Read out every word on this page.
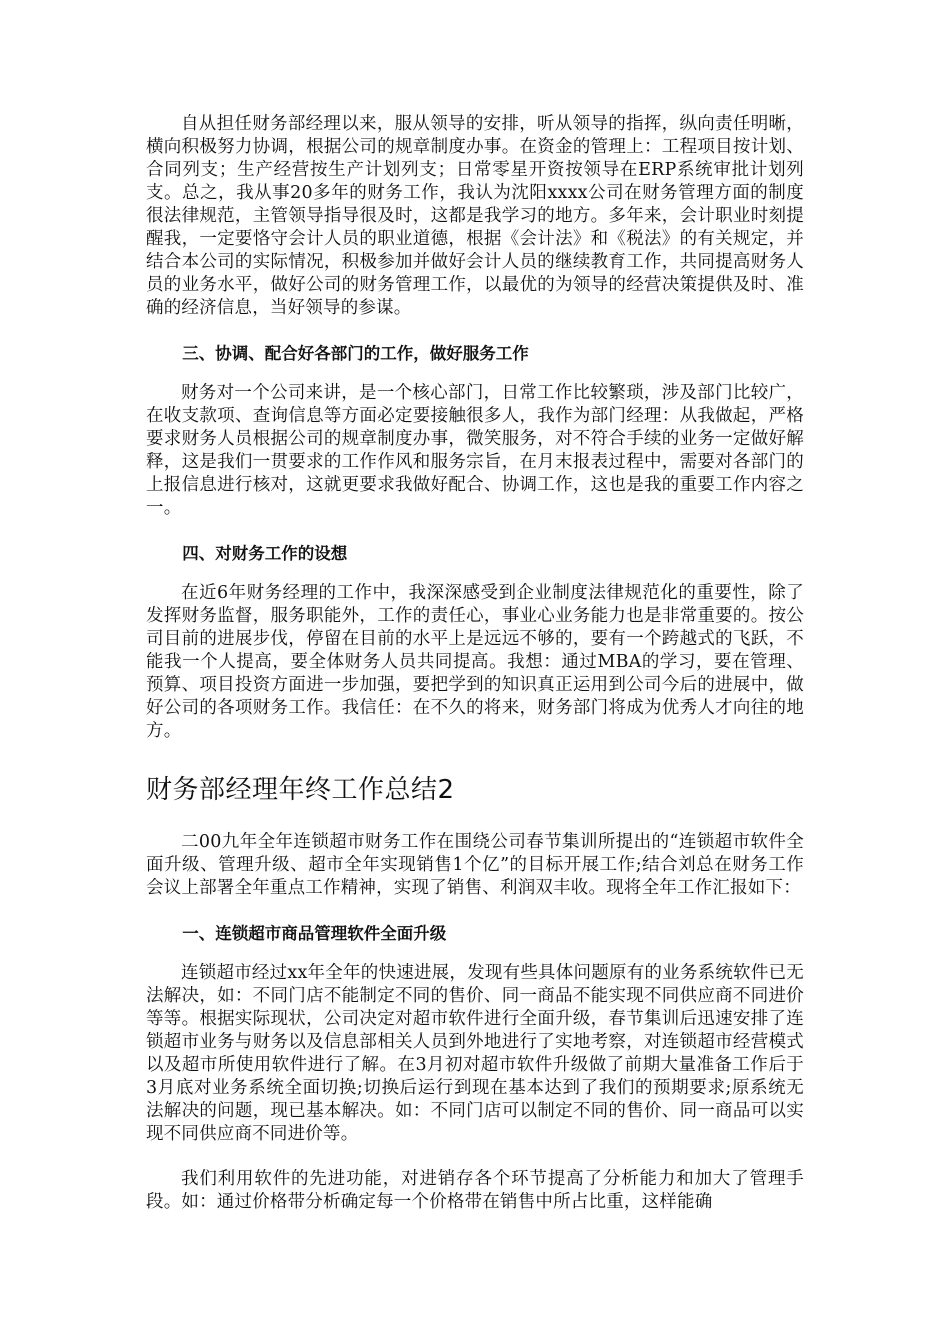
自从担任财务部经理以来，服从领导的安排，听从领导的指挥，纵向责任明晰，横向积极努力协调，根据公司的规章制度办事。在资金的管理上：工程项目按计划、合同列支；生产经营按生产计划列支；日常零星开资按领导在ERP系统审批计划列支。总之，我从事20多年的财务工作，我认为沈阳xxxx公司在财务管理方面的制度很法律规范，主管领导指导很及时，这都是我学习的地方。多年来，会计职业时刻提醒我，一定要恪守会计人员的职业道德，根据《会计法》和《税法》的有关规定，并结合本公司的实际情况，积极参加并做好会计人员的继续教育工作，共同提高财务人员的业务水平，做好公司的财务管理工作，以最优的为领导的经营决策提供及时、准确的经济信息，当好领导的参谋。

三、协调、配合好各部门的工作，做好服务工作

财务对一个公司来讲，是一个核心部门，日常工作比较繁琐，涉及部门比较广，在收支款项、查询信息等方面必定要接触很多人，我作为部门经理：从我做起，严格要求财务人员根据公司的规章制度办事，微笑服务，对不符合手续的业务一定做好解释，这是我们一贯要求的工作作风和服务宗旨，在月末报表过程中，需要对各部门的上报信息进行核对，这就更要求我做好配合、协调工作，这也是我的重要工作内容之一。

四、对财务工作的设想

在近6年财务经理的工作中，我深深感受到企业制度法律规范化的重要性，除了发挥财务监督，服务职能外，工作的责任心，事业心业务能力也是非常重要的。按公司目前的进展步伐，停留在目前的水平上是远远不够的，要有一个跨越式的飞跃，不能我一个人提高，要全体财务人员共同提高。我想：通过MBA的学习，要在管理、预算、项目投资方面进一步加强，要把学到的知识真正运用到公司今后的进展中，做好公司的各项财务工作。我信任：在不久的将来，财务部门将成为优秀人才向往的地方。

财务部经理年终工作总结2

二00九年全年连锁超市财务工作在围绕公司春节集训所提出的“连锁超市软件全面升级、管理升级、超市全年实现销售1个亿”的目标开展工作;结合刘总在财务工作会议上部署全年重点工作精神，实现了销售、利润双丰收。现将全年工作汇报如下：

一、连锁超市商品管理软件全面升级

连锁超市经过xx年全年的快速进展，发现有些具体问题原有的业务系统软件已无法解决，如：不同门店不能制定不同的售价、同一商品不能实现不同供应商不同进价等等。根据实际现状，公司决定对超市软件进行全面升级，春节集训后迅速安排了连锁超市业务与财务以及信息部相关人员到外地进行了实地考察，对连锁超市经营模式以及超市所使用软件进行了解。在3月初对超市软件升级做了前期大量准备工作后于3月底对业务系统全面切换;切换后运行到现在基本达到了我们的预期要求;原系统无法解决的问题，现已基本解决。如：不同门店可以制定不同的售价、同一商品可以实现不同供应商不同进价等。

我们利用软件的先进功能，对进销存各个环节提高了分析能力和加大了管理手段。如：通过价格带分析确定每一个价格带在销售中所占比重，这样能确
